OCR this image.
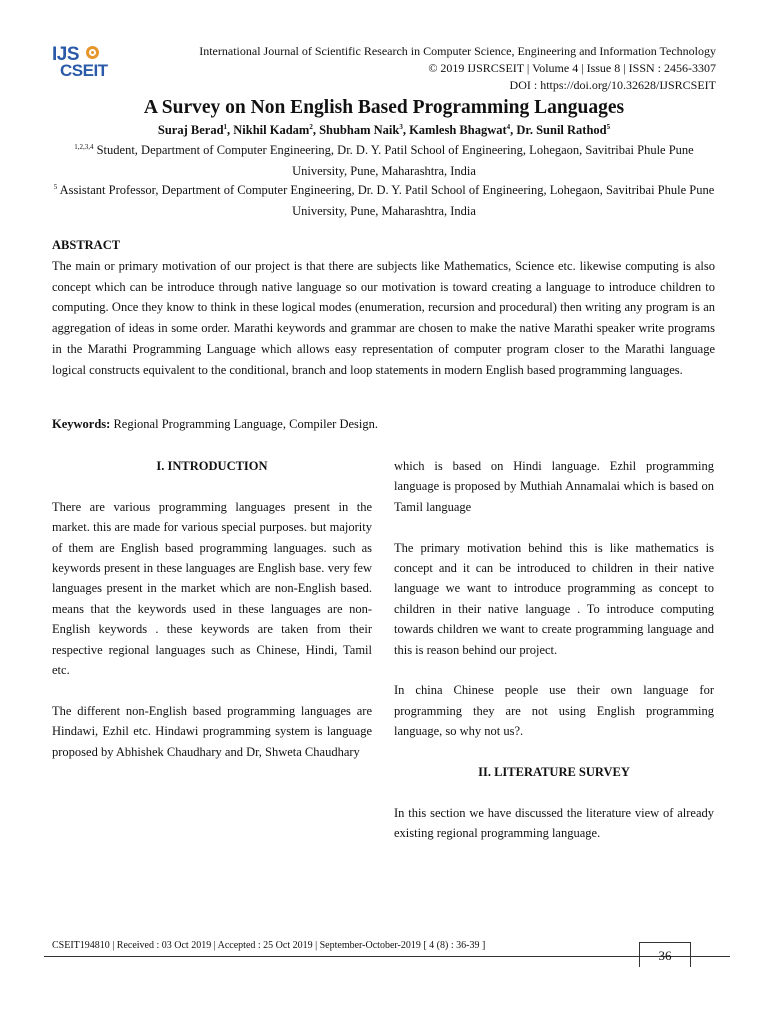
IJS
CSEIT
International Journal of Scientific Research in Computer Science, Engineering and Information Technology
© 2019 IJSRCSEIT | Volume 4 | Issue 8 | ISSN : 2456-3307
DOI : https://doi.org/10.32628/IJSRCSEIT
A Survey on Non English Based Programming Languages
Suraj Berad$^1$, Nikhil Kadam$^2$, Shubham Naik$^3$, Kamlesh Bhagwat$^4$, Dr. Sunil Rathod$^5$
$^{1,2,3,4}$ Student, Department of Computer Engineering, Dr. D. Y. Patil School of Engineering, Lohegaon, Savitribai Phule Pune University, Pune, Maharashtra, India
$^5$ Assistant Professor, Department of Computer Engineering, Dr. D. Y. Patil School of Engineering, Lohegaon, Savitribai Phule Pune University, Pune, Maharashtra, India
ABSTRACT
The main or primary motivation of our project is that there are subjects like Mathematics, Science etc. likewise computing is also concept which can be introduce through native language so our motivation is toward creating a language to introduce children to computing. Once they know to think in these logical modes (enumeration, recursion and procedural) then writing any program is an aggregation of ideas in some order. Marathi keywords and grammar are chosen to make the native Marathi speaker write programs in the Marathi Programming Language which allows easy representation of computer program closer to the Marathi language logical constructs equivalent to the conditional, branch and loop statements in modern English based programming languages.
Keywords: Regional Programming Language, Compiler Design.
I. INTRODUCTION

There are various programming languages present in the market. this are made for various special purposes. but majority of them are English based programming languages. such as keywords present in these languages are English base. very few languages present in the market which are non-English based. means that the keywords used in these languages are non-English keywords . these keywords are taken from their respective regional languages such as Chinese, Hindi, Tamil etc.

The different non-English based programming languages are Hindawi, Ezhil etc. Hindawi programming system is language proposed by Abhishek Chaudhary and Dr, Shweta Chaudhary

which is based on Hindi language. Ezhil programming language is proposed by Muthiah Annamalai which is based on Tamil language

The primary motivation behind this is like mathematics is concept and it can be introduced to children in their native language we want to introduce programming as concept to children in their native language . To introduce computing towards children we want to create programming language and this is reason behind our project.

In china Chinese people use their own language for programming they are not using English programming language, so why not us?.

II. LITERATURE SURVEY

In this section we have discussed the literature view of already existing regional programming language.

CSEIT194810 | Received : 03 Oct 2019 | Accepted : 25 Oct 2019 | September-October-2019 [ 4 (8) : 36-39 ]
36
